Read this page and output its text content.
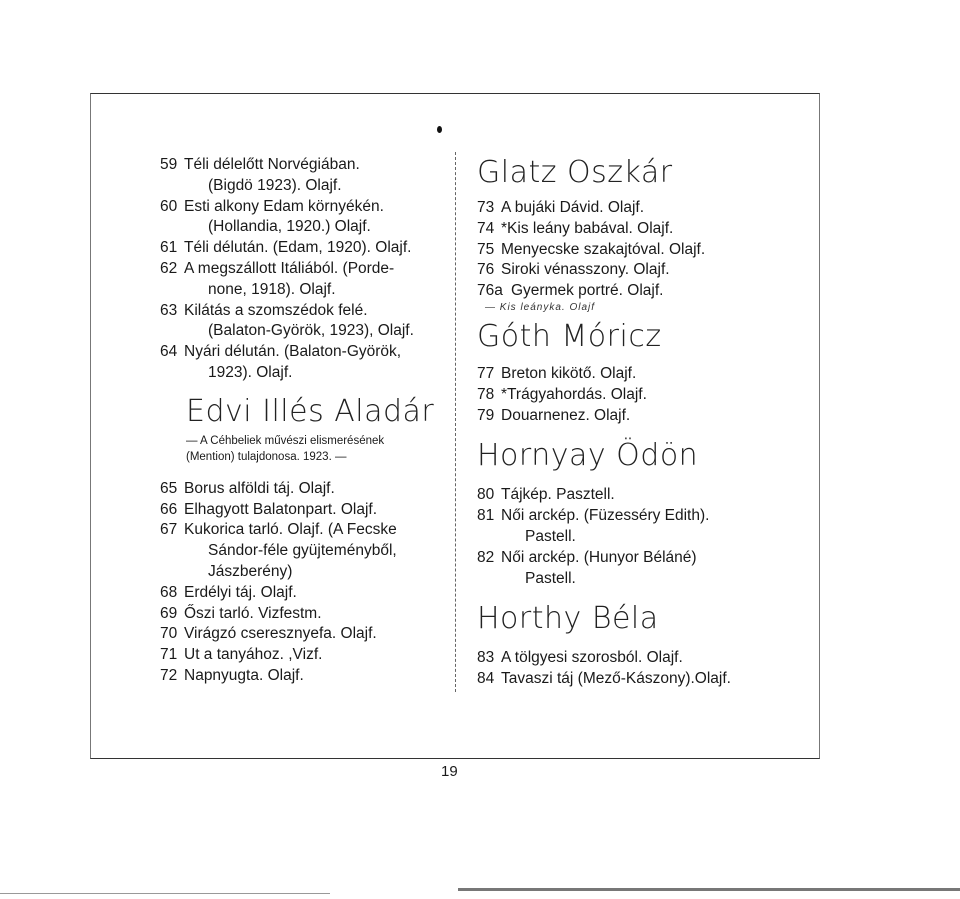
59 Téli délelőtt Norvégiában.
(Bigdö 1923). Olajf.
60 Esti alkony Edam környékén.
(Hollandia, 1920.) Olajf.
61 Téli délután. (Edam, 1920). Olajf.
62 A megszállott Itáliából. (Porde-
none, 1918). Olajf.
63 Kilátás a szomszédok felé.
(Balaton-Györök, 1923), Olajf.
64 Nyári délután. (Balaton-Györök,
1923). Olajf.
Edvi Illés Aladár
— A Céhbeliek művészi elismerésének
(Mention) tulajdonosa. 1923. —
65 Borus alföldi táj. Olajf.
66 Elhagyott Balatonpart. Olajf.
67 Kukorica tarló. Olajf. (A Fecske
Sándor-féle gyüjteményből,
Jászberény)
68 Erdélyi táj. Olajf.
69 Őszi tarló. Vizfestm.
70 Virágzó cseresznyefa. Olajf.
71 Ut a tanyához. ,Vizf.
72 Napnyugta. Olajf.
Glatz Oszkár
73 A bujáki Dávid. Olajf.
74 *Kis leány babával. Olajf.
75 Menyecske szakajtóval. Olajf.
76 Siroki vénasszony. Olajf.
76a Gyermek portré. Olajf.
— Kis leányka. Olajf
Góth Móricz
77 Breton kikötő. Olajf.
78 *Trágyahordás. Olajf.
79 Douarnenez. Olajf.
Hornyay Ödön
80 Tájkép. Pasztell.
81 Női arckép. (Füzesséry Edith).
Pastell.
82 Női arckép. (Hunyor Béláné)
Pastell.
Horthy Béla
83 A tölgyesi szorosból. Olajf.
84 Tavaszi táj (Mező-Kászony).Olajf.
19
